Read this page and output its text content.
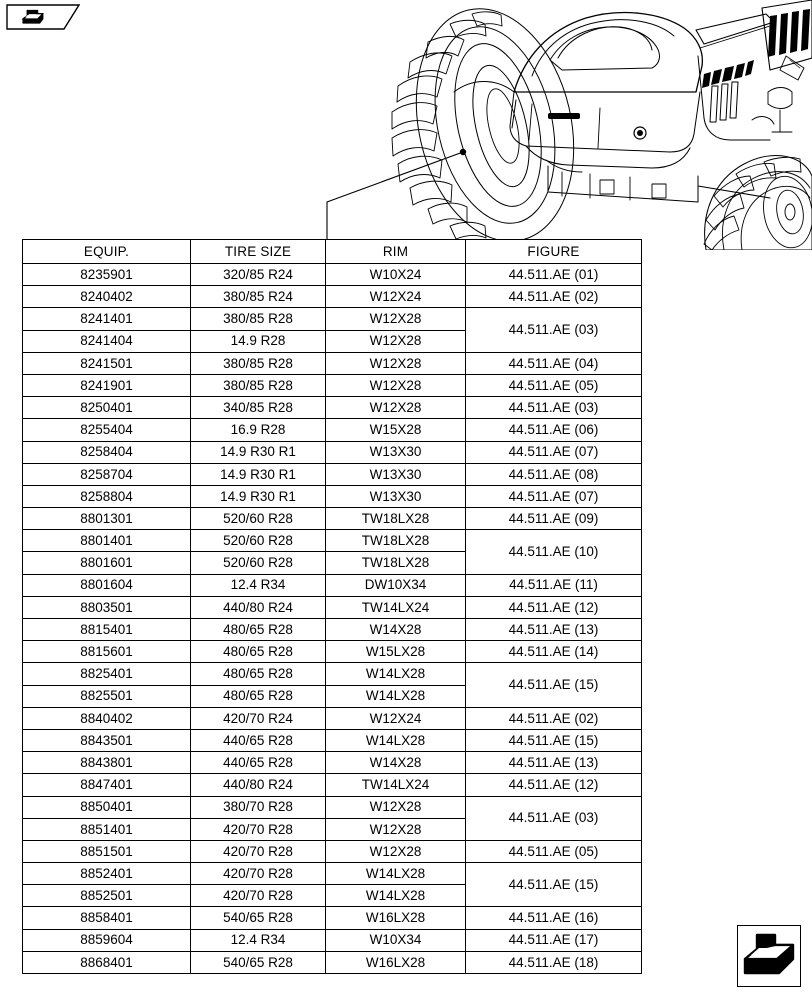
EQUIP.	TIRE SIZE	RIM	FIGURE
8235901	320/85 R24	W10X24	44.511.AE (01)
8240402	380/85 R24	W12X24	44.511.AE (02)
8241401	380/85 R28	W12X28	44.511.AE (03)
8241404	14.9 R28	W12X28	
8241501	380/85 R28	W12X28	44.511.AE (04)
8241901	380/85 R28	W12X28	44.511.AE (05)
8250401	340/85 R28	W12X28	44.511.AE (03)
8255404	16.9 R28	W15X28	44.511.AE (06)
8258404	14.9 R30 R1	W13X30	44.511.AE (07)
8258704	14.9 R30 R1	W13X30	44.511.AE (08)
8258804	14.9 R30 R1	W13X30	44.511.AE (07)
8801301	520/60 R28	TW18LX28	44.511.AE (09)
8801401	520/60 R28	TW18LX28	44.511.AE (10)
8801601	520/60 R28	TW18LX28	
8801604	12.4 R34	DW10X34	44.511.AE (11)
8803501	440/80 R24	TW14LX24	44.511.AE (12)
8815401	480/65 R28	W14X28	44.511.AE (13)
8815601	480/65 R28	W15LX28	44.511.AE (14)
8825401	480/65 R28	W14LX28	44.511.AE (15)
8825501	480/65 R28	W14LX28	
8840402	420/70 R24	W12X24	44.511.AE (02)
8843501	440/65 R28	W14LX28	44.511.AE (15)
8843801	440/65 R28	W14X28	44.511.AE (13)
8847401	440/80 R24	TW14LX24	44.511.AE (12)
8850401	380/70 R28	W12X28	44.511.AE (03)
8851401	420/70 R28	W12X28	
8851501	420/70 R28	W12X28	44.511.AE (05)
8852401	420/70 R28	W14LX28	44.511.AE (15)
8852501	420/70 R28	W14LX28	
8858401	540/65 R28	W16LX28	44.511.AE (16)
8859604	12.4 R34	W10X34	44.511.AE (17)
8868401	540/65 R28	W16LX28	44.511.AE (18)
